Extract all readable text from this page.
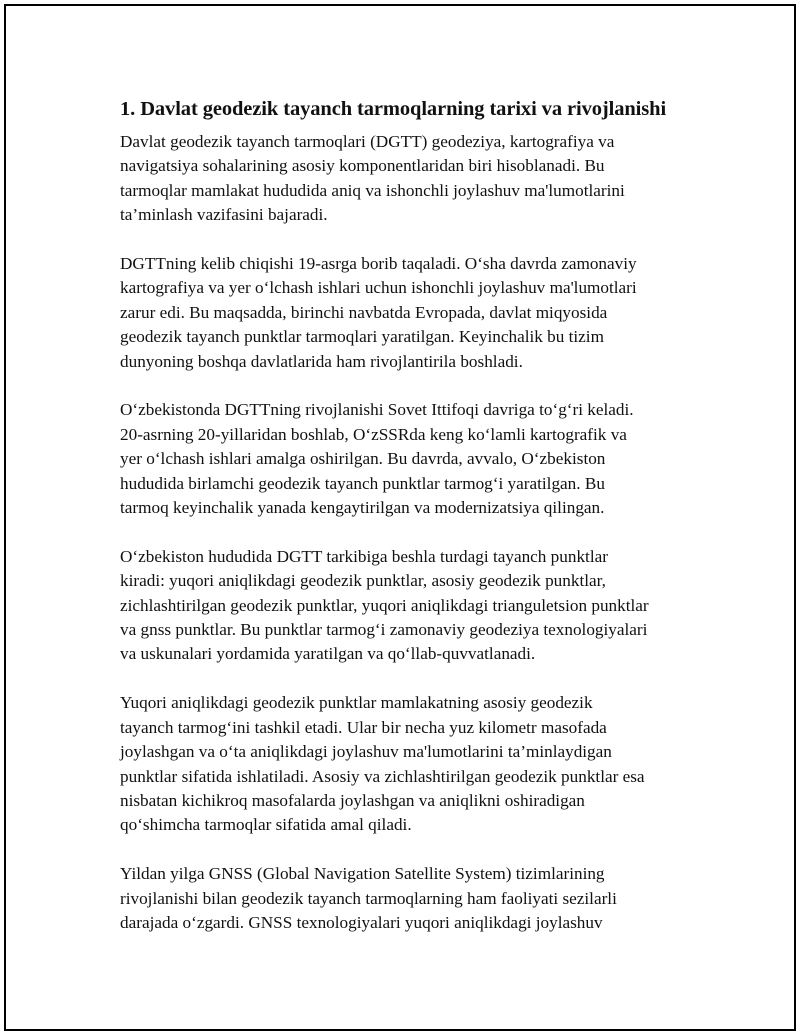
1. Davlat geodezik tayanch tarmoqlarning tarixi va rivojlanishi

Davlat geodezik tayanch tarmoqlari (DGTT) geodeziya, kartografiya va
navigatsiya sohalarining asosiy komponentlaridan biri hisoblanadi. Bu
tarmoqlar mamlakat hududida aniq va ishonchli joylashuv ma'lumotlarini
ta’minlash vazifasini bajaradi.

DGTTning kelib chiqishi 19-asrga borib taqaladi. O‘sha davrda zamonaviy
kartografiya va yer o‘lchash ishlari uchun ishonchli joylashuv ma'lumotlari
zarur edi. Bu maqsadda, birinchi navbatda Evropada, davlat miqyosida
geodezik tayanch punktlar tarmoqlari yaratilgan. Keyinchalik bu tizim
dunyoning boshqa davlatlarida ham rivojlantirila boshladi.

O‘zbekistonda DGTTning rivojlanishi Sovet Ittifoqi davriga to‘g‘ri keladi.
20-asrning 20-yillaridan boshlab, O‘zSSRda keng ko‘lamli kartografik va
yer o‘lchash ishlari amalga oshirilgan. Bu davrda, avvalo, O‘zbekiston
hududida birlamchi geodezik tayanch punktlar tarmog‘i yaratilgan. Bu
tarmoq keyinchalik yanada kengaytirilgan va modernizatsiya qilingan.

O‘zbekiston hududida DGTT tarkibiga beshla turdagi tayanch punktlar
kiradi: yuqori aniqlikdagi geodezik punktlar, asosiy geodezik punktlar,
zichlashtirilgan geodezik punktlar, yuqori aniqlikdagi trianguletsion punktlar
va gnss punktlar. Bu punktlar tarmog‘i zamonaviy geodeziya texnologiyalari
va uskunalari yordamida yaratilgan va qo‘llab-quvvatlanadi.

Yuqori aniqlikdagi geodezik punktlar mamlakatning asosiy geodezik
tayanch tarmog‘ini tashkil etadi. Ular bir necha yuz kilometr masofada
joylashgan va o‘ta aniqlikdagi joylashuv ma'lumotlarini ta’minlaydigan
punktlar sifatida ishlatiladi. Asosiy va zichlashtirilgan geodezik punktlar esa
nisbatan kichikroq masofalarda joylashgan va aniqlikni oshiradigan
qo‘shimcha tarmoqlar sifatida amal qiladi.

Yildan yilga GNSS (Global Navigation Satellite System) tizimlarining
rivojlanishi bilan geodezik tayanch tarmoqlarning ham faoliyati sezilarli
darajada o‘zgardi. GNSS texnologiyalari yuqori aniqlikdagi joylashuv
